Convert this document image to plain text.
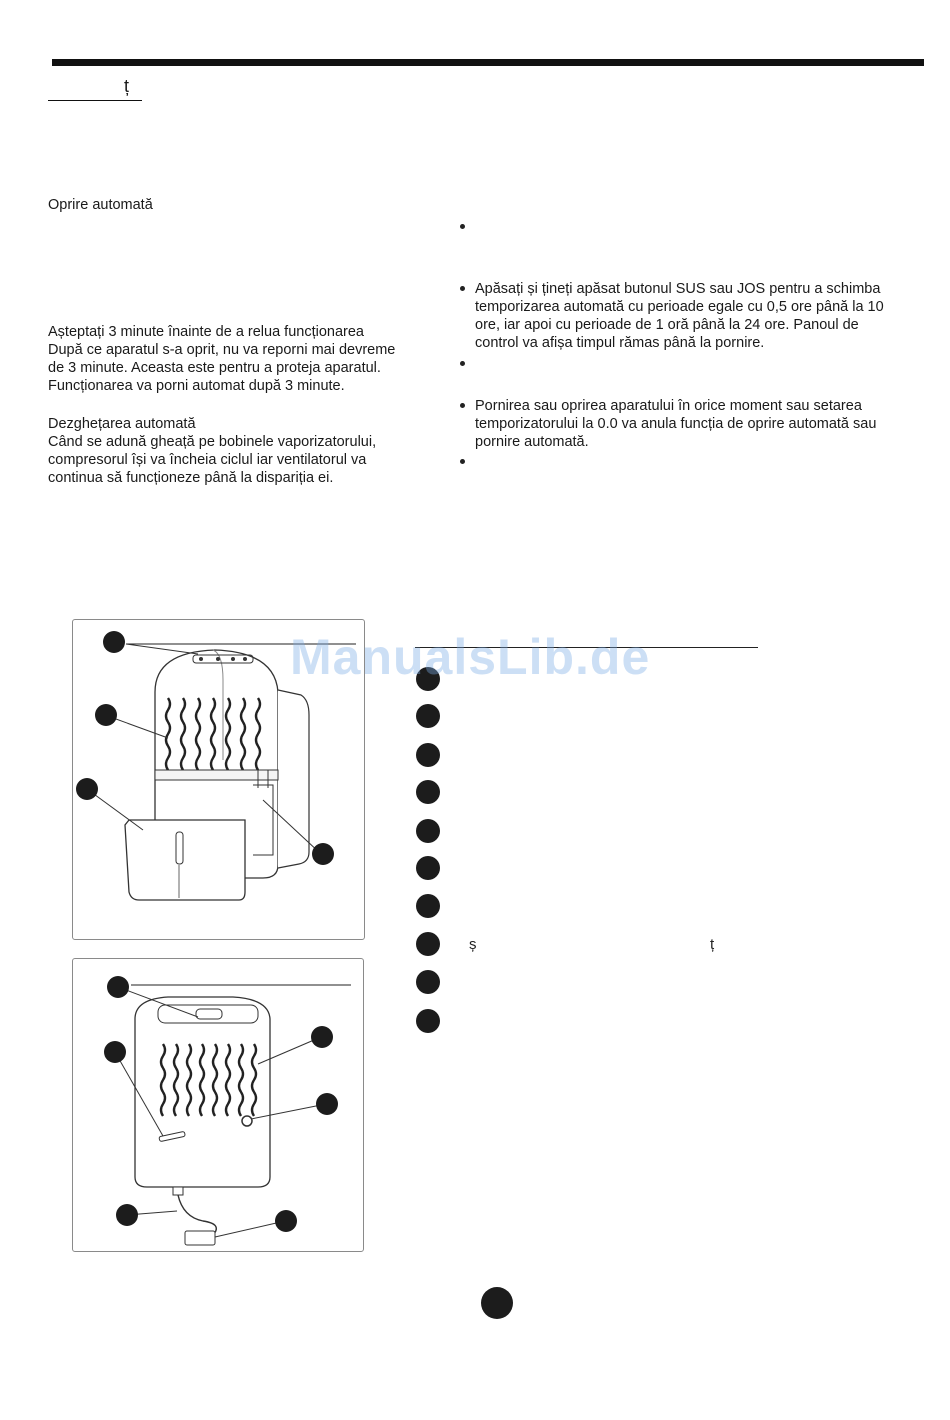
ț

Oprire automată

Așteptați 3 minute înainte de a relua funcționarea

După ce aparatul s-a oprit, nu va reporni mai devreme

de 3 minute. Aceasta este pentru a proteja aparatul.

Funcționarea va porni automat după 3 minute.

Dezghețarea automată

Când se adună gheață pe bobinele vaporizatorului,

compresorul își va încheia ciclul iar ventilatorul va

continua să funcționeze până la dispariția ei.

Apăsați și țineți apăsat butonul SUS sau JOS pentru a schimba

temporizarea automată cu perioade egale cu 0,5 ore până la 10

ore, iar apoi cu perioade de 1 oră până la 24 ore. Panoul de

control va afișa timpul rămas până la pornire.

Pornirea sau oprirea aparatului în orice moment sau setarea

temporizatorului la 0.0 va anula funcția de oprire automată sau

pornire automată.

ș	ț
ManualsLib.de
